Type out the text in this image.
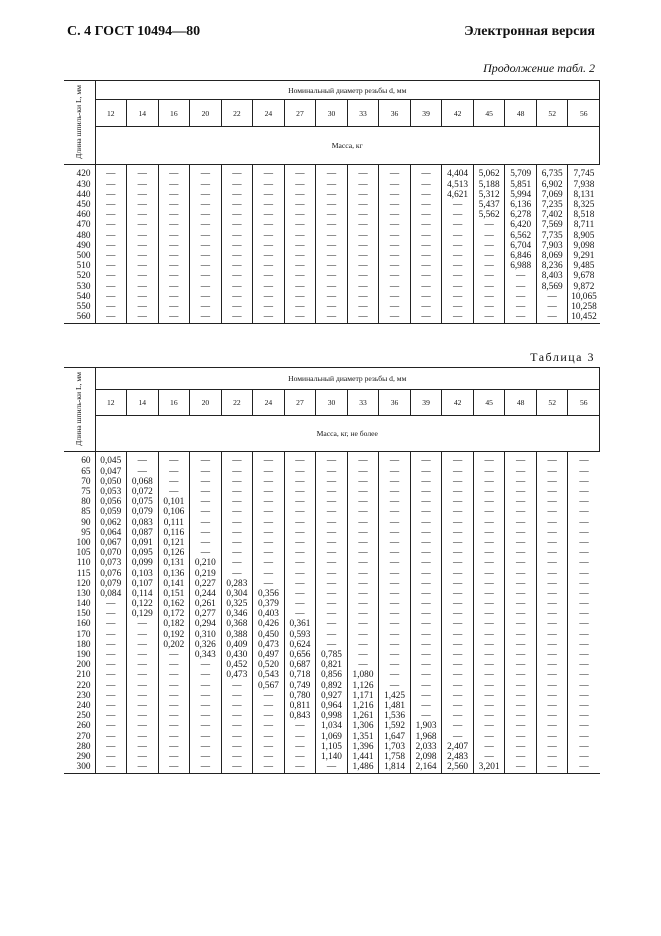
С. 4 ГОСТ 10494—80	Электронная версия
Продолжение табл. 2
Длина шпиль-ки L, мм	Номинальный диаметр резьбы d, мм															
	12	14	16	20	22	24	27	30	33	36	39	42	45	48	52	56
	Масса, кг															
420	—	—	—	—	—	—	—	—	—	—	—	4,404	5,062	5,709	6,735	7,745
430	—	—	—	—	—	—	—	—	—	—	—	4,513	5,188	5,851	6,902	7,938
440	—	—	—	—	—	—	—	—	—	—	—	4,621	5,312	5,994	7,069	8,131
450	—	—	—	—	—	—	—	—	—	—	—	—	5,437	6,136	7,235	8,325
460	—	—	—	—	—	—	—	—	—	—	—	—	5,562	6,278	7,402	8,518
470	—	—	—	—	—	—	—	—	—	—	—	—	—	6,420	7,569	8,711
480	—	—	—	—	—	—	—	—	—	—	—	—	—	6,562	7,735	8,905
490	—	—	—	—	—	—	—	—	—	—	—	—	—	6,704	7,903	9,098
500	—	—	—	—	—	—	—	—	—	—	—	—	—	6,846	8,069	9,291
510	—	—	—	—	—	—	—	—	—	—	—	—	—	6,988	8,236	9,485
520	—	—	—	—	—	—	—	—	—	—	—	—	—	—	8,403	9,678
530	—	—	—	—	—	—	—	—	—	—	—	—	—	—	8,569	9,872
540	—	—	—	—	—	—	—	—	—	—	—	—	—	—	—	10,065
550	—	—	—	—	—	—	—	—	—	—	—	—	—	—	—	10,258
560	—	—	—	—	—	—	—	—	—	—	—	—	—	—	—	10,452
Таблица 3
Длина шпиль-ки L, мм	Номинальный диаметр резьбы d, мм															
	12	14	16	20	22	24	27	30	33	36	39	42	45	48	52	56
	Масса, кг, не более															
60	0,045	—	—	—	—	—	—	—	—	—	—	—	—	—	—	—
65	0,047	—	—	—	—	—	—	—	—	—	—	—	—	—	—	—
70	0,050	0,068	—	—	—	—	—	—	—	—	—	—	—	—	—	—
75	0,053	0,072	—	—	—	—	—	—	—	—	—	—	—	—	—	—
80	0,056	0,075	0,101	—	—	—	—	—	—	—	—	—	—	—	—	—
85	0,059	0,079	0,106	—	—	—	—	—	—	—	—	—	—	—	—	—
90	0,062	0,083	0,111	—	—	—	—	—	—	—	—	—	—	—	—	—
95	0,064	0,087	0,116	—	—	—	—	—	—	—	—	—	—	—	—	—
100	0,067	0,091	0,121	—	—	—	—	—	—	—	—	—	—	—	—	—
105	0,070	0,095	0,126	—	—	—	—	—	—	—	—	—	—	—	—	—
110	0,073	0,099	0,131	0,210	—	—	—	—	—	—	—	—	—	—	—	—
115	0,076	0,103	0,136	0,219	—	—	—	—	—	—	—	—	—	—	—	—
120	0,079	0,107	0,141	0,227	0,283	—	—	—	—	—	—	—	—	—	—	—
130	0,084	0,114	0,151	0,244	0,304	0,356	—	—	—	—	—	—	—	—	—	—
140	—	0,122	0,162	0,261	0,325	0,379	—	—	—	—	—	—	—	—	—	—
150	—	0,129	0,172	0,277	0,346	0,403	—	—	—	—	—	—	—	—	—	—
160	—	—	0,182	0,294	0,368	0,426	0,361	—	—	—	—	—	—	—	—	—
170	—	—	0,192	0,310	0,388	0,450	0,593	—	—	—	—	—	—	—	—	—
180	—	—	0,202	0,326	0,409	0,473	0,624	—	—	—	—	—	—	—	—	—
190	—	—	—	0,343	0,430	0,497	0,656	0,785	—	—	—	—	—	—	—	—
200	—	—	—	—	0,452	0,520	0,687	0,821	—	—	—	—	—	—	—	—
210	—	—	—	—	0,473	0,543	0,718	0,856	1,080	—	—	—	—	—	—	—
220	—	—	—	—	—	0,567	0,749	0,892	1,126	—	—	—	—	—	—	—
230	—	—	—	—	—	—	0,780	0,927	1,171	1,425	—	—	—	—	—	—
240	—	—	—	—	—	—	0,811	0,964	1,216	1,481	—	—	—	—	—	—
250	—	—	—	—	—	—	0,843	0,998	1,261	1,536	—	—	—	—	—	—
260	—	—	—	—	—	—	—	1,034	1,306	1,592	1,903	—	—	—	—	—
270	—	—	—	—	—	—	—	1,069	1,351	1,647	1,968	—	—	—	—	—
280	—	—	—	—	—	—	—	1,105	1,396	1,703	2,033	2,407	—	—	—	—
290	—	—	—	—	—	—	—	1,140	1,441	1,758	2,098	2,483	—	—	—	—
300	—	—	—	—	—	—	—	—	1,486	1,814	2,164	2,560	3,201	—	—	—
